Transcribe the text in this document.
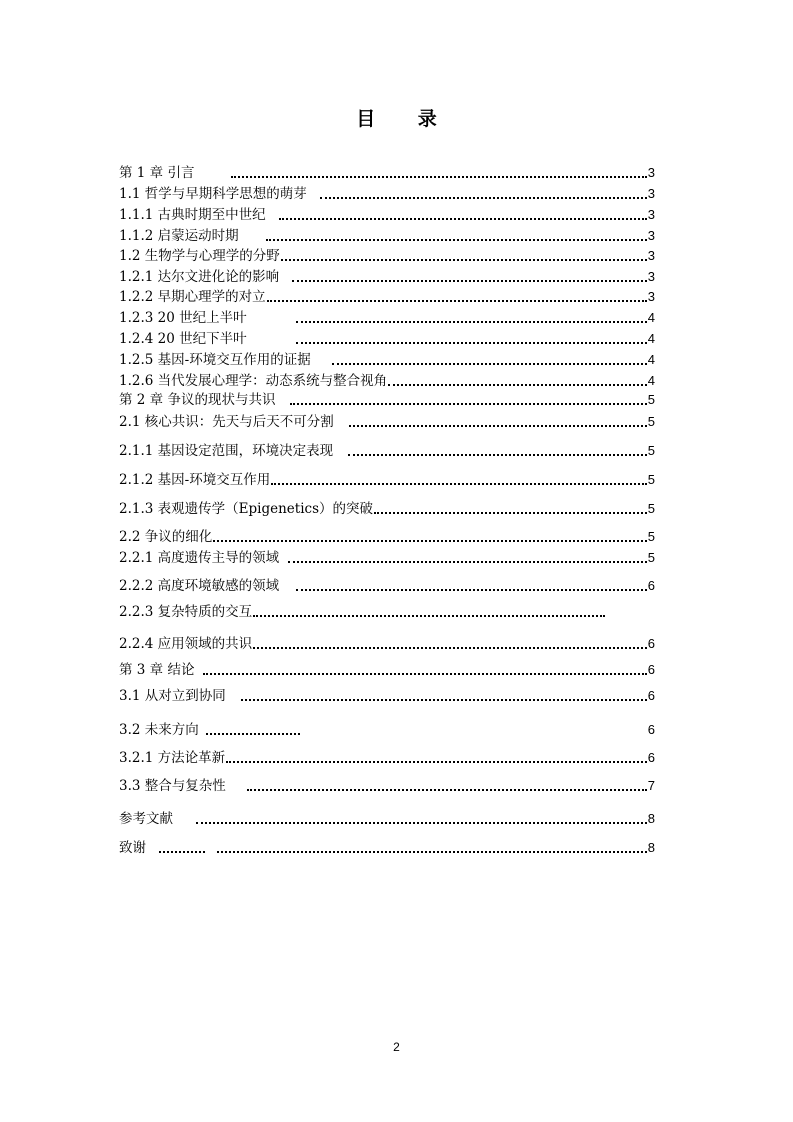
目 录
第 1 章 引言	3
1.1 哲学与早期科学思想的萌芽	3
1.1.1 古典时期至中世纪	3
1.1.2 启蒙运动时期	3
1.2 生物学与心理学的分野	3
1.2.1 达尔文进化论的影响	3
1.2.2 早期心理学的对立	3
1.2.3 20 世纪上半叶	4
1.2.4 20 世纪下半叶	4
1.2.5 基因-环境交互作用的证据	4
1.2.6 当代发展心理学：动态系统与整合视角	4
第 2 章 争议的现状与共识	5
2.1 核心共识：先天与后天不可分割	5
2.1.1 基因设定范围，环境决定表现	5
2.1.2 基因-环境交互作用	5
2.1.3 表观遗传学（Epigenetics）的突破	5
2.2 争议的细化	5
2.2.1 高度遗传主导的领域	5
2.2.2 高度环境敏感的领域	6
2.2.3 复杂特质的交互
2.2.4 应用领域的共识	6
第 3 章 结论	6
3.1 从对立到协同	6
3.2 未来方向	6
3.2.1 方法论革新	6
3.3 整合与复杂性	7
参考文献	8
致谢	8
2
